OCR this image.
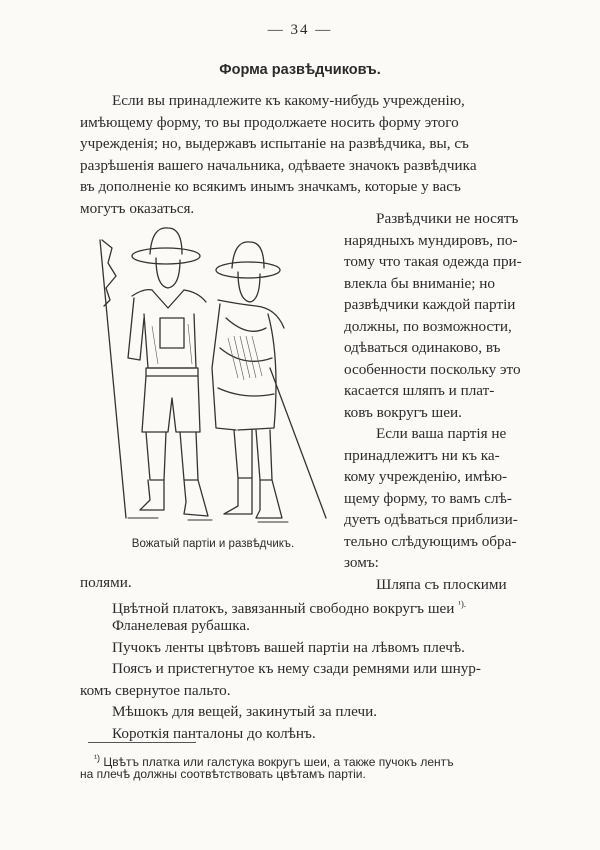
— 34 —
Форма развѣдчиковъ.
Если вы принадлежите къ какому-нибудь учрежденію,
имѣющему форму, то вы продолжаете носить форму этого
учрежденія; но, выдержавъ испытаніе на развѣдчика, вы, съ
разрѣшенія вашего начальника, одѣваете значокъ развѣдчика
въ дополненіе ко всякимъ инымъ значкамъ, которые у васъ
могутъ оказаться.
Вожатый партіи и развѣдчикъ.
Развѣдчики не носятъ
нарядныхъ мундировъ, по-
тому что такая одежда при-
влекла бы вниманіе; но
развѣдчики каждой партіи
должны, по возможности,
одѣваться одинаково, въ
особенности поскольку это
касается шляпъ и плат-
ковъ вокругъ шеи.
Если ваша партія не
принадлежитъ ни къ ка-
кому учрежденію, имѣю-
щему форму, то вамъ слѣ-
дуетъ одѣваться приблизи-
тельно слѣдующимъ обра-
зомъ:
Шляпа съ плоскими
полями.
Цвѣтной платокъ, завязанный свободно вокругъ шеи $^{^1).}$
Фланелевая рубашка.
Пучокъ ленты цвѣтовъ вашей партіи на лѣвомъ плечѣ.
Поясъ и пристегнутое къ нему сзади ремнями или шнур-
комъ свернутое пальто.
Мѣшокъ для вещей, закинутый за плечи.
Короткія панталоны до колѣнъ.
$^{^1)}$ Цвѣтъ платка или галстука вокругъ шеи, а также пучокъ лентъ
на плечѣ должны соотвѣтствовать цвѣтамъ партіи.
